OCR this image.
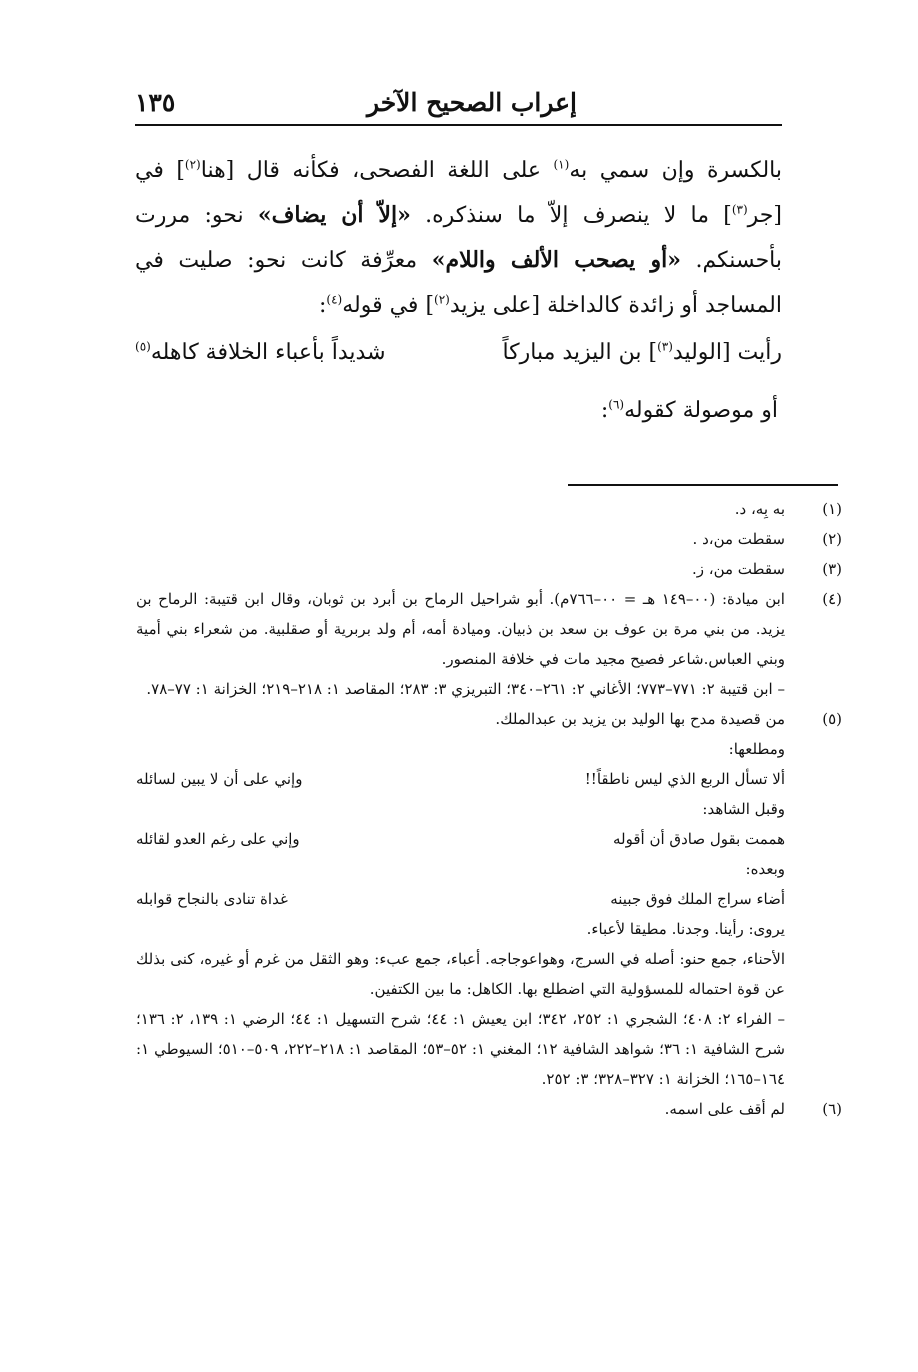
١٣٥	إعراب الصحيح الآخر

بالكسرة وإن سمي به$^{(١)}$ على اللغة الفصحى، فكأنه قال [هنا$^{(٢)}$] في [جر$^{(٣)}$] ما لا ينصرف إلاّ ما سنذكره. «إلاّ أن يضاف» نحو: مررت بأحسنكم. «أو يصحب الألف واللام» معرِّفة كانت نحو: صليت في المساجد أو زائدة كالداخلة [على يزيد$^{(٢)}$] في قوله$^{(٤)}$:

رأيت [الوليد$^{(٣)}$] بن اليزيد مباركاً
شديداً بأعباء الخلافة كاهله$^{(٥)}$
أو موصولة كقوله$^{(٦)}$:
(١)

به بِه، د.

(٢)

سقطت من،د .

(٣)

سقطت من، ز.

(٤)

ابن ميادة: (٠٠–١٤٩ هـ = ٠٠–٧٦٦م). أبو شراحيل الرماح بن أبرد بن ثوبان، وقال ابن قتيبة: الرماح بن يزيد. من بني مرة بن عوف بن سعد بن ذبيان. وميادة أمه، أم ولد بربرية أو صقلبية. من شعراء بني أمية وبني العباس.شاعر فصيح مجيد مات في خلافة المنصور.

– ابن قتيبة ٢: ٧٧١–٧٧٣؛ الأغاني ٢: ٢٦١–٣٤٠؛ التبريزي ٣: ٢٨٣؛ المقاصد ١: ٢١٨–٢١٩؛ الخزانة ١: ٧٧–٧٨.

(٥)

من قصيدة مدح بها الوليد بن يزيد بن عبدالملك.

ومطلعها:

ألا تسأل الربع الذي ليس ناطقاً!!
وإني على أن لا يبين لسائله

وقبل الشاهد:

هممت بقول صادق أن أقوله
وإني على رغم العدو لقائله

وبعده:

أضاء سراج الملك فوق جبينه
غداة تنادى بالنجاح قوابله

يروى: رأينا. وجدنا. مطيقا لأعباء.

الأحناء، جمع حنو: أصله في السرج، وهواعوجاجه. أعباء، جمع عبء: وهو الثقل من غرم أو غيره، كنى بذلك عن قوة احتماله للمسؤولية التي اضطلع بها. الكاهل: ما بين الكتفين.

– الفراء ٢: ٤٠٨؛ الشجري ١: ٢٥٢، ٣٤٢؛ ابن يعيش ١: ٤٤؛ شرح التسهيل ١: ٤٤؛ الرضي ١: ١٣٩، ٢: ١٣٦؛ شرح الشافية ١: ٣٦؛ شواهد الشافية ١٢؛ المغني ١: ٥٢–٥٣؛ المقاصد ١: ٢١٨–٢٢٢، ٥٠٩–٥١٠؛ السيوطي ١: ١٦٤–١٦٥؛ الخزانة ١: ٣٢٧–٣٢٨؛ ٣: ٢٥٢.

(٦)

لم أقف على اسمه.
